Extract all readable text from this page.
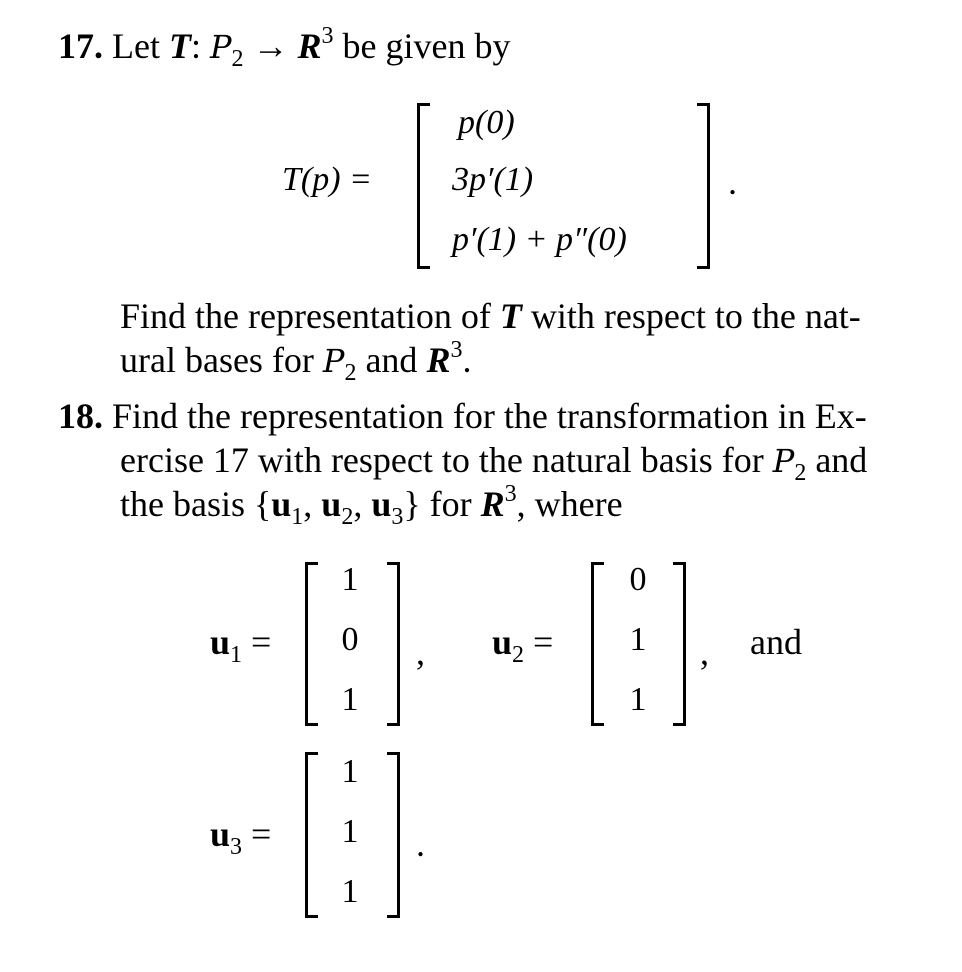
17. Let T: $P_2 \to R^3$ be given by
T(p) =
p(0)
3p′(1)
p′(1) + p″(0)
.
Find the representation of T with respect to the nat-
ural bases for $P_2$ and $R^3$.
18. Find the representation for the transformation in Ex-
ercise 17 with respect to the natural basis for $P_2$ and
the basis {$u_1$, $u_2$, $u_3$} for $R^3$, where
$u_1$ =
1
0
1
, $u_2$ =
0
1
1
, and
$u_3$ =
1
1
1
.
